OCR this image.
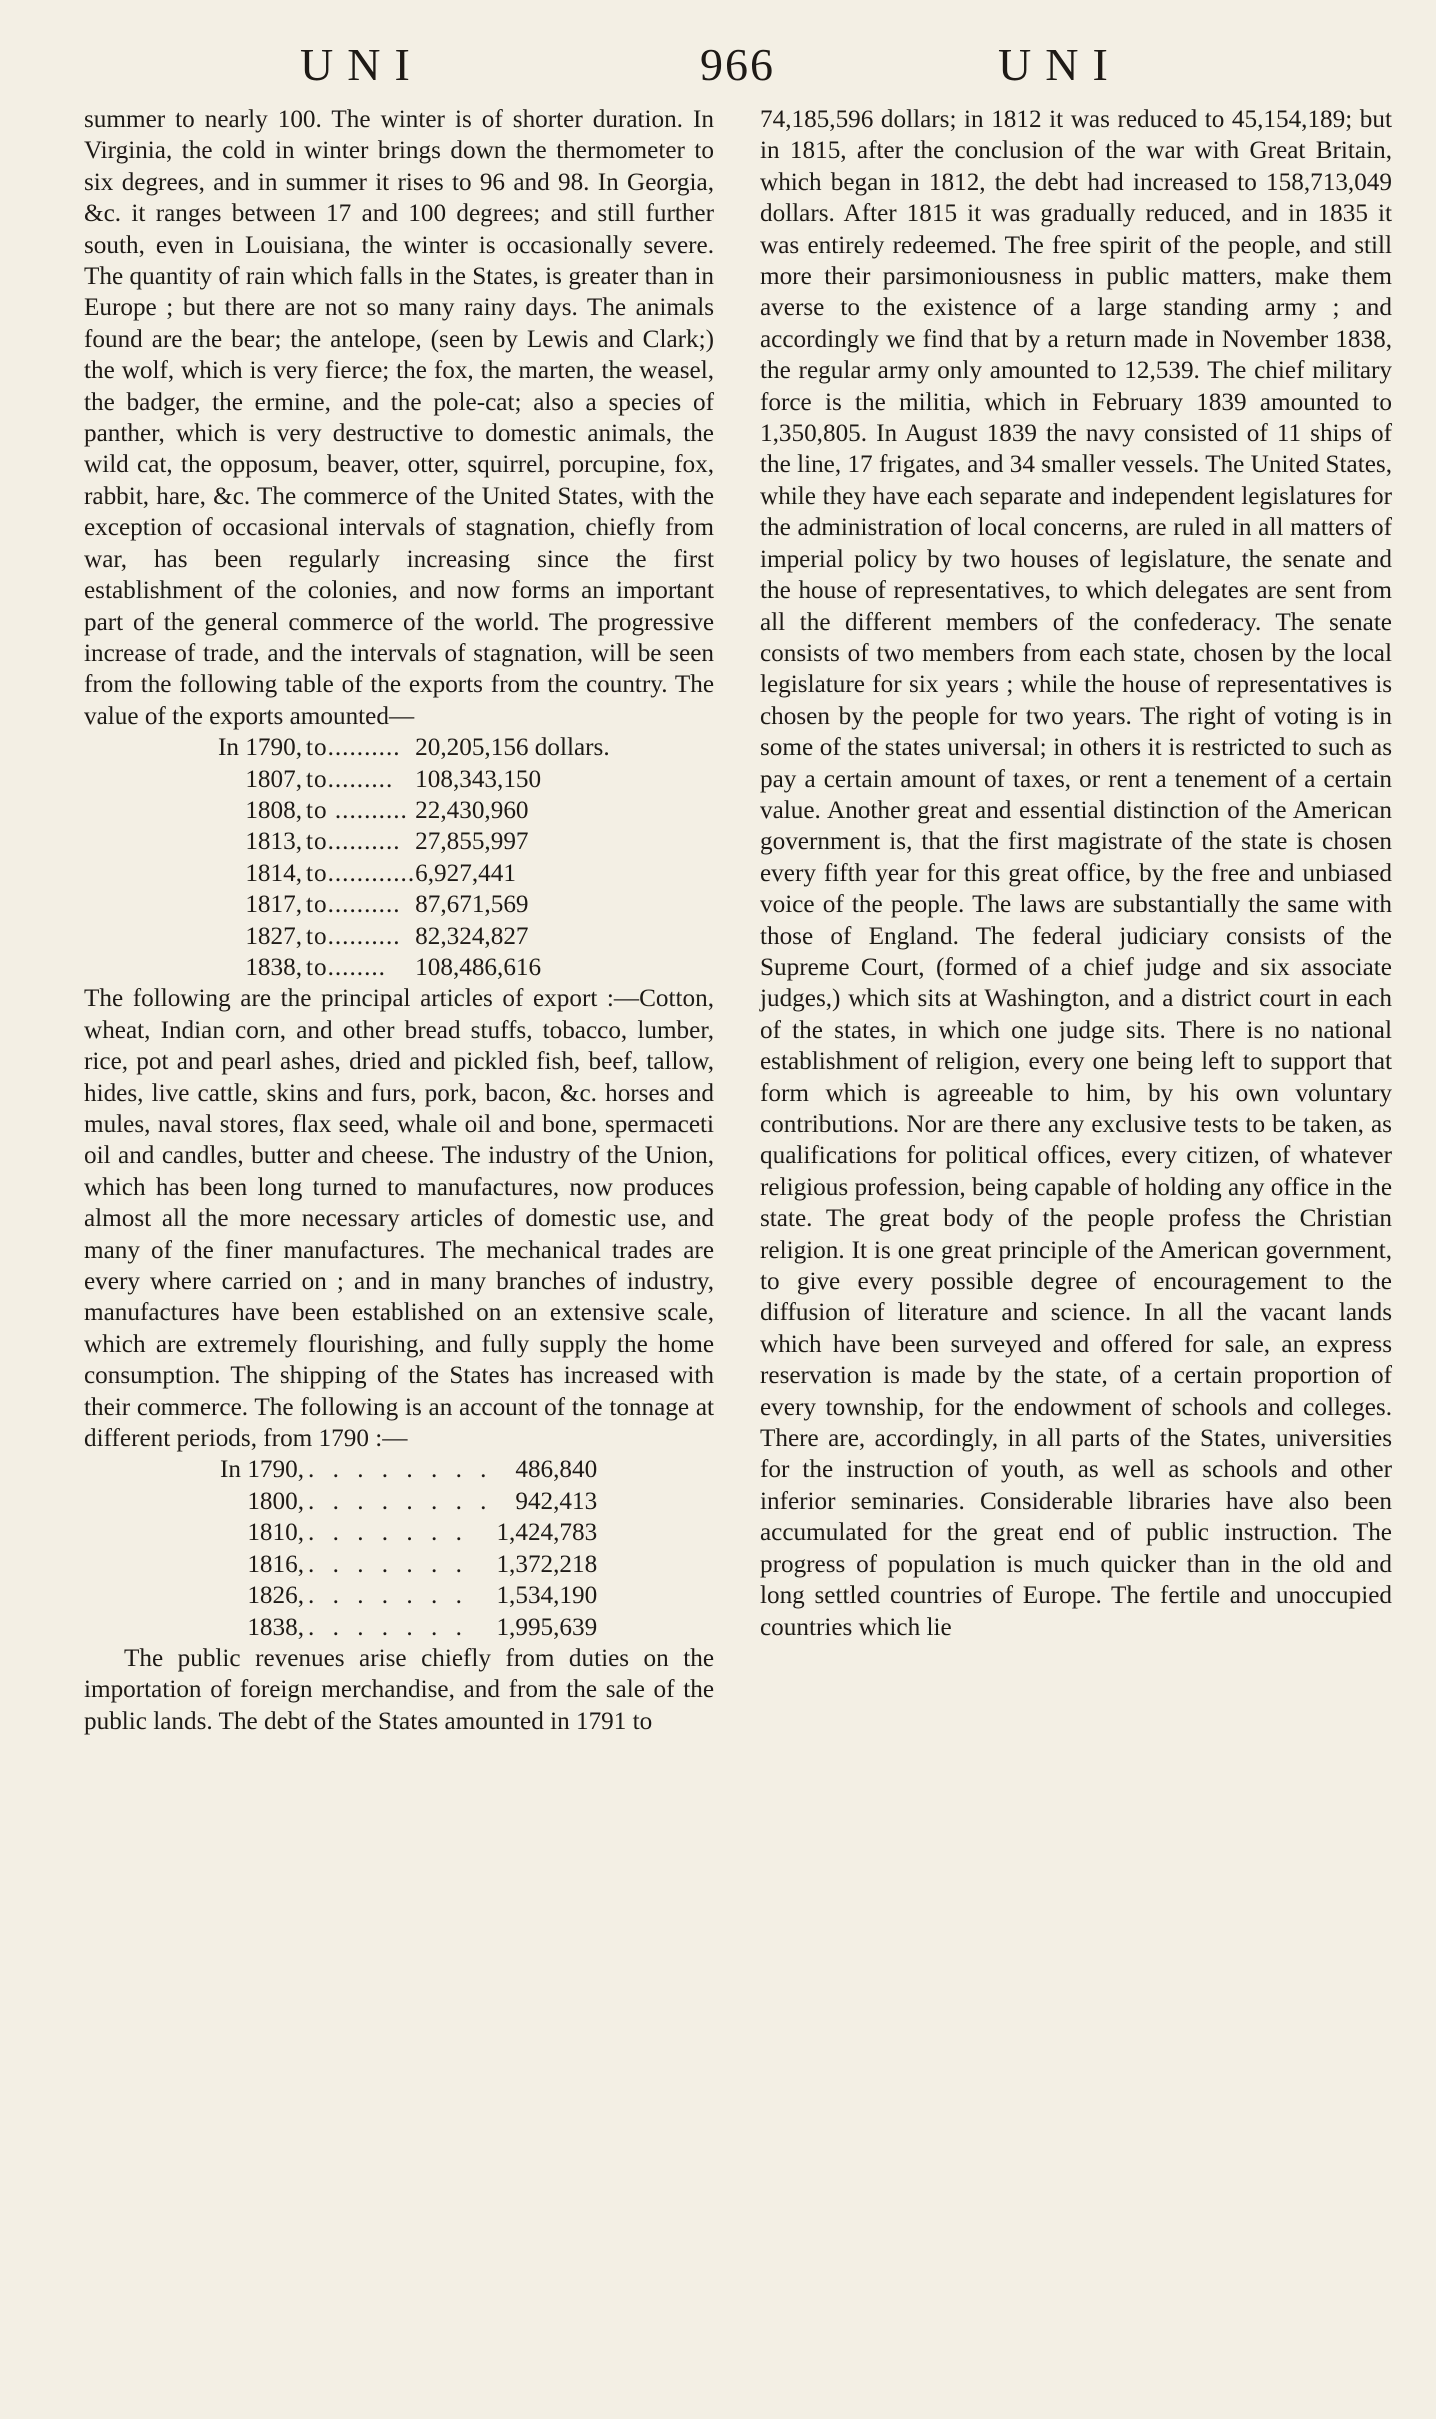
UNI	966	UNI

summer to nearly 100. The winter is of shorter duration. In Virginia, the cold in winter brings down the thermometer to six degrees, and in summer it rises to 96 and 98. In Georgia, &c. it ranges between 17 and 100 degrees; and still further south, even in Louisiana, the winter is occasionally severe. The quantity of rain which falls in the States, is greater than in Europe ; but there are not so many rainy days. The animals found are the bear; the antelope, (seen by Lewis and Clark;) the wolf, which is very fierce; the fox, the marten, the weasel, the badger, the ermine, and the pole-cat; also a species of panther, which is very destructive to domestic animals, the wild cat, the opposum, beaver, otter, squirrel, porcupine, fox, rabbit, hare, &c. The commerce of the United States, with the exception of occasional intervals of stagnation, chiefly from war, has been regularly increasing since the first establishment of the colonies, and now forms an important part of the general commerce of the world. The progressive increase of trade, and the intervals of stagnation, will be seen from the following table of the exports from the country. The value of the exports amounted—

In 1790,	to..........	20,205,156 dollars.
1807,	to.........	108,343,150
1808,	to ..........	22,430,960
1813,	to..........	27,855,997
1814,	to............	6,927,441
1817,	to..........	87,671,569
1827,	to..........	82,324,827
1838,	to........	108,486,616

The following are the principal articles of export :—Cotton, wheat, Indian corn, and other bread stuffs, tobacco, lumber, rice, pot and pearl ashes, dried and pickled fish, beef, tallow, hides, live cattle, skins and furs, pork, bacon, &c. horses and mules, naval stores, flax seed, whale oil and bone, spermaceti oil and candles, butter and cheese. The industry of the Union, which has been long turned to manufactures, now produces almost all the more necessary articles of domestic use, and many of the finer manufactures. The mechanical trades are every where carried on ; and in many branches of industry, manufactures have been established on an extensive scale, which are extremely flourishing, and fully supply the home consumption. The shipping of the States has increased with their commerce. The following is an account of the tonnage at different periods, from 1790 :—

In 1790,	. . . . . . . .	486,840
1800,	. . . . . . . .	942,413
1810,	. . . . . . .	1,424,783
1816,	. . . . . . .	1,372,218
1826,	. . . . . . .	1,534,190
1838,	. . . . . . .	1,995,639

The public revenues arise chiefly from duties on the importation of foreign merchandise, and from the sale of the public lands. The debt of the States amounted in 1791 to

74,185,596 dollars; in 1812 it was reduced to 45,154,189; but in 1815, after the conclusion of the war with Great Britain, which began in 1812, the debt had increased to 158,713,049 dollars. After 1815 it was gradually reduced, and in 1835 it was entirely redeemed. The free spirit of the people, and still more their parsimoniousness in public matters, make them averse to the existence of a large standing army ; and accordingly we find that by a return made in November 1838, the regular army only amounted to 12,539. The chief military force is the militia, which in February 1839 amounted to 1,350,805. In August 1839 the navy consisted of 11 ships of the line, 17 frigates, and 34 smaller vessels. The United States, while they have each separate and independent legislatures for the administration of local concerns, are ruled in all matters of imperial policy by two houses of legislature, the senate and the house of representatives, to which delegates are sent from all the different members of the confederacy. The senate consists of two members from each state, chosen by the local legislature for six years ; while the house of representatives is chosen by the people for two years. The right of voting is in some of the states universal; in others it is restricted to such as pay a certain amount of taxes, or rent a tenement of a certain value. Another great and essential distinction of the American government is, that the first magistrate of the state is chosen every fifth year for this great office, by the free and unbiased voice of the people. The laws are substantially the same with those of England. The federal judiciary consists of the Supreme Court, (formed of a chief judge and six associate judges,) which sits at Washington, and a district court in each of the states, in which one judge sits. There is no national establishment of religion, every one being left to support that form which is agreeable to him, by his own voluntary contributions. Nor are there any exclusive tests to be taken, as qualifications for political offices, every citizen, of whatever religious profession, being capable of holding any office in the state. The great body of the people profess the Christian religion. It is one great principle of the American government, to give every possible degree of encouragement to the diffusion of literature and science. In all the vacant lands which have been surveyed and offered for sale, an express reservation is made by the state, of a certain proportion of every township, for the endowment of schools and colleges. There are, accordingly, in all parts of the States, universities for the instruction of youth, as well as schools and other inferior seminaries. Considerable libraries have also been accumulated for the great end of public instruction. The progress of population is much quicker than in the old and long settled countries of Europe. The fertile and unoccupied countries which lie
